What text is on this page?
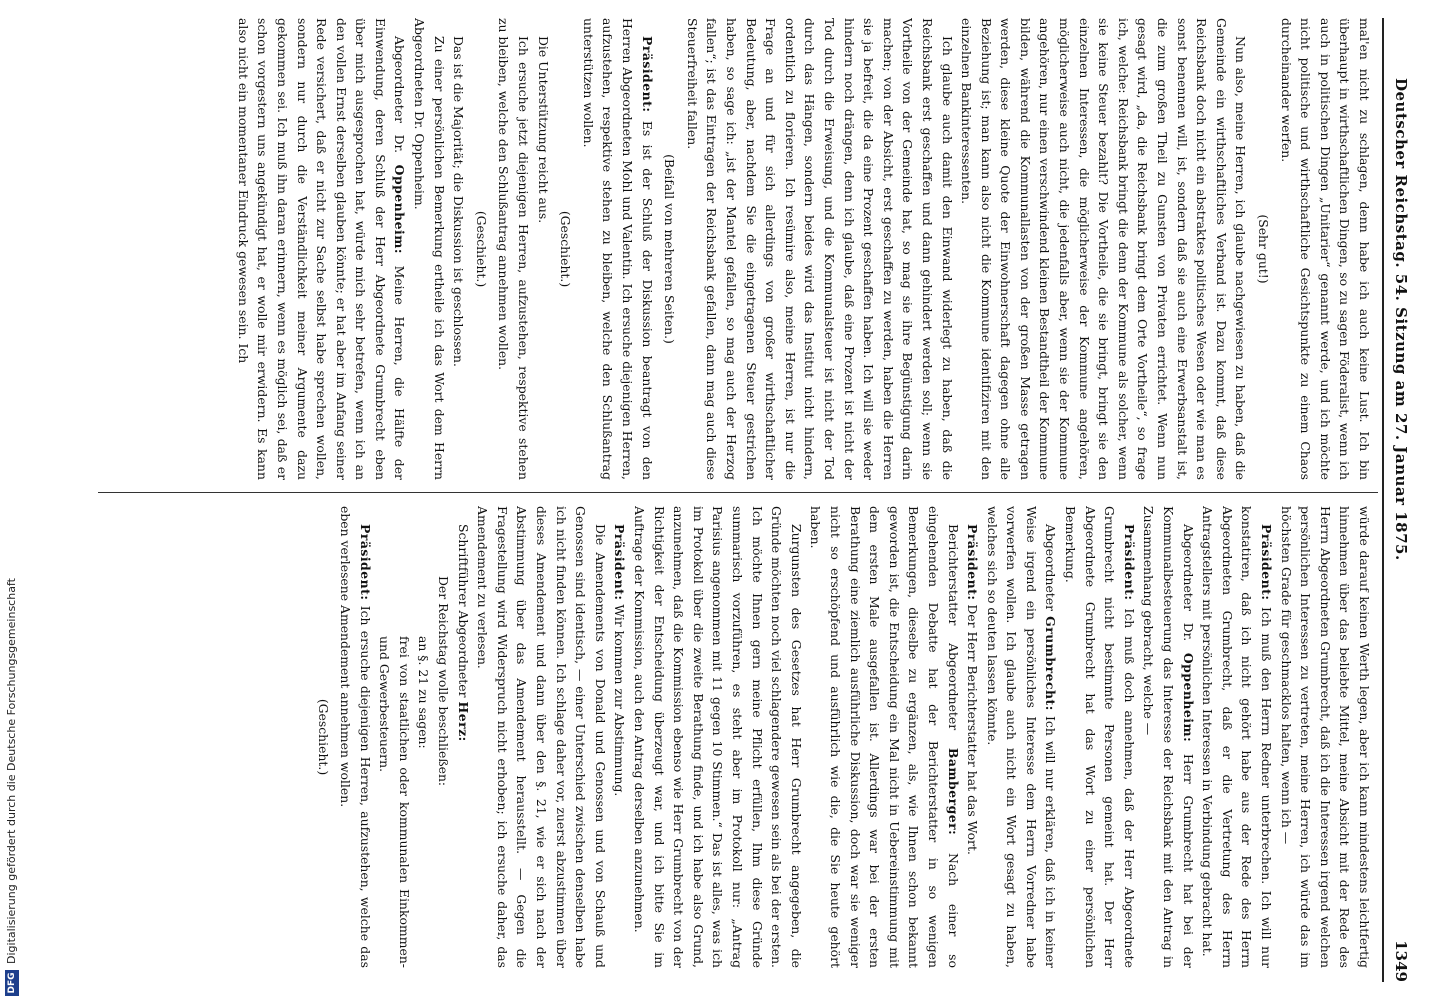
Deutscher Reichstag. 54. Sitzung am 27. Januar 1875.
1349

mal'en nicht zu schlagen, denn habe ich auch keine Lust. Ich bin überhaupt in wirthschaftlichen Dingen, so zu sagen Föderalist, wenn ich auch in politischen Dingen „Unitarier“ genannt werde, und ich möchte nicht politische und wirthschaftliche Gesichtspunkte zu einem Chaos durcheinander werfen.

(Sehr gut!)

Nun also, meine Herren, ich glaube nachgewiesen zu haben, daß die Gemeinde ein wirthschaftliches Verband ist. Dazu kommt, daß diese Reichsbank doch nicht ein abstraktes politisches Wesen oder wie man es sonst benennen will, ist, sondern daß sie auch eine Erwerbsanstalt ist, die zum großen Theil zu Gunsten von Privaten errichtet. Wenn nun gesagt wird, „da, die Reichsbank bringt dem Orte Vortheile“, so frage ich, welche: Reichsbank bringt die denn der Kommune als solcher, wenn sie keine Steuer bezahlt? Die Vortheile, die sie bringt, bringt sie den einzelnen Interessen, die möglicherweise der Kommune angehören, möglicherweise auch nicht, die jedenfalls aber, wenn sie der Kommune angehören, nur einen verschwindend kleinen Bestandtheil der Kommune bilden, während die Kommunallasten von der großen Masse getragen werden, diese kleine Quote der Einwohnerschaft dagegen ohne alle Beziehung ist; man kann also nicht die Kommune identifiziren mit den einzelnen Bankinteressenten.

Ich glaube auch damit den Einwand widerlegt zu haben, daß die Reichsbank erst geschaffen und dann gehindert werden soll; wenn sie Vortheile von der Gemeinde hat, so mag sie ihre Begünstigung darin machen; von der Absicht, erst geschaffen zu werden, haben die Herren sie ja befreit, die da eine Prozent geschaffen haben. Ich will sie weder hindern noch drängen, denn ich glaube, daß eine Prozent ist nicht der Tod durch die Erweisung, und die Kommunalsteuer ist nicht der Tod durch das Hängen, sondern beides wird das Institut nicht hindern, ordentlich zu florieren. Ich resümire also, meine Herren, ist nur die Frage an und für sich allerdings von großer wirthschaftlicher Bedeutung, aber, nachdem Sie die eingetragenen Steuer gestrichen haben, so sage ich: „ist der Mantel gefallen, so mag auch der Herzog fallen“; ist das Eintragen der Reichsbank gefallen, dann mag auch diese Steuerfreiheit fallen.

(Beifall von mehreren Seiten.)

Präsident: Es ist der Schluß der Diskussion beantragt von den Herren Abgeordneten Mohl und Valentin. Ich ersuche diejenigen Herren, aufzustehen, respektive stehen zu bleiben, welche den Schlußantrag unterstützen wollen.

(Geschieht.)

Die Unterstützung reicht aus.

Ich ersuche jetzt diejenigen Herren, aufzustehen, respektive stehen zu bleiben, welche den Schlußantrag annehmen wollen.

(Geschieht.)

Das ist die Majorität; die Diskussion ist geschlossen.

Zu einer persönlichen Bemerkung ertheile ich das Wort dem Herrn Abgeordneten Dr. Oppenheim.

Abgeordneter Dr. Oppenheim: Meine Herren, die Hälfte der Einwendung, deren Schluß der Herr Abgeordnete Grumbrecht eben über mich ausgesprochen hat, würde mich sehr betrefen, wenn ich an den vollen Ernst derselben glauben könnte; er hat aber im Anfang seiner Rede versichert, daß er nicht zur Sache selbst habe sprechen wollen, sondern nur durch die Verständlichkeit meiner Argumente dazu gekommen sei. Ich muß ihn daran erinnern, wenn es möglich sei, daß er schon vorgestern uns angekündigt hat, er wolle mir erwidern. Es kann also nicht ein momentaner Eindruck gewesen sein. Ich

würde darauf keinen Werth legen, aber ich kann mindestens leichtfertig hinnehmen über das beliebte Mittel, meine Absicht mit der Rede des Herrn Abgeordneten Grumbrecht, daß ich die Interessen irgend welchen persönlichen Interessen zu vertreten, meine Herren, ich würde das im höchsten Grade für geschmacklos halten, wenn ich —

Präsident: Ich muß den Herrn Redner unterbrechen. Ich will nur konstatiren, daß ich nicht gehört habe aus der Rede des Herrn Abgeordneten Grumbrecht, daß er die Vertretung des Herrn Antragstellers mit persönlichen Interessen in Verbindung gebracht hat.

Abgeordneter Dr. Oppenheim: Herr Grumbrecht hat bei der Kommunalbesteuerung das Interesse der Reichsbank mit den Antrag in Zusammenhang gebracht, welche —

Präsident: Ich muß doch annehmen, daß der Herr Abgeordnete Grumbrecht nicht bestimmte Personen gemeint hat. Der Herr Abgeordnete Grumbrecht hat das Wort zu einer persönlichen Bemerkung.

Abgeordneter Grumbrecht: Ich will nur erklären, daß ich in keiner Weise irgend ein persönliches Interesse dem Herrn Vorredner habe vorwerfen wollen. Ich glaube auch nicht ein Wort gesagt zu haben, welches sich so deuten lassen könnte.

Präsident: Der Herr Berichterstatter hat das Wort.

Berichterstatter Abgeordneter Bamberger: Nach einer so eingehenden Debatte hat der Berichterstatter in so wenigen Bemerkungen, dieselbe zu ergänzen, als, wie Ihnen schon bekannt geworden ist, die Entscheidung ein Mal nicht in Uebereinstimmung mit dem ersten Male ausgefallen ist. Allerdings war bei der ersten Berathung eine ziemlich ausführliche Diskussion, doch war sie weniger nicht so erschöpfend und ausführlich wie die, die Sie heute gehört haben.

Zurgunsten des Gesetzes hat Herr Grumbrecht angegeben, die Gründe möchten noch viel schlagendere gewesen sein als bei der ersten. Ich möchte Ihnen gern meine Pflicht erfüllen, Ihm diese Gründe summarisch vorzuführen, es steht aber im Protokoll nur: „Antrag Parisius angenommen mit 11 gegen 10 Stimmen.“ Das ist alles, was ich im Protokoll über die zweite Berathung finde, und ich habe also Grund, anzunehmen, daß die Kommission ebenso wie Herr Grumbrecht von der Richtigkeit der Entscheidung überzeugt war, und ich bitte Sie im Auftrage der Kommission, auch den Antrag derselben anzunehmen.

Präsident: Wir kommen zur Abstimmung.

Die Amendements von Donald und Genossen und von Schauß und Genossen sind identisch, — einer Unterschied zwischen denselben habe ich nicht finden können. Ich schlage daher vor, zuerst abzustimmen über dieses Amendement und dann über den §. 21, wie er sich nach der Abstimmung über das Amendement herausstellt. — Gegen die Fragestellung wird Widerspruch nicht erhoben; ich ersuche daher, das Amendement zu verlesen.

Schriftführer Abgeordneter Herz:

Der Reichstag wolle beschließen:

an §. 21 zu sagen:

frei von staatlichen oder kommunalen Einkommen- und Gewerbesteuern.

Präsident: Ich ersuche diejenigen Herren, aufzustehen, welche das eben verlesene Amendement annehmen wollen.

(Geschieht.)

DFG
Digitalisierung gefördert durch die Deutsche Forschungsgemeinschaft
